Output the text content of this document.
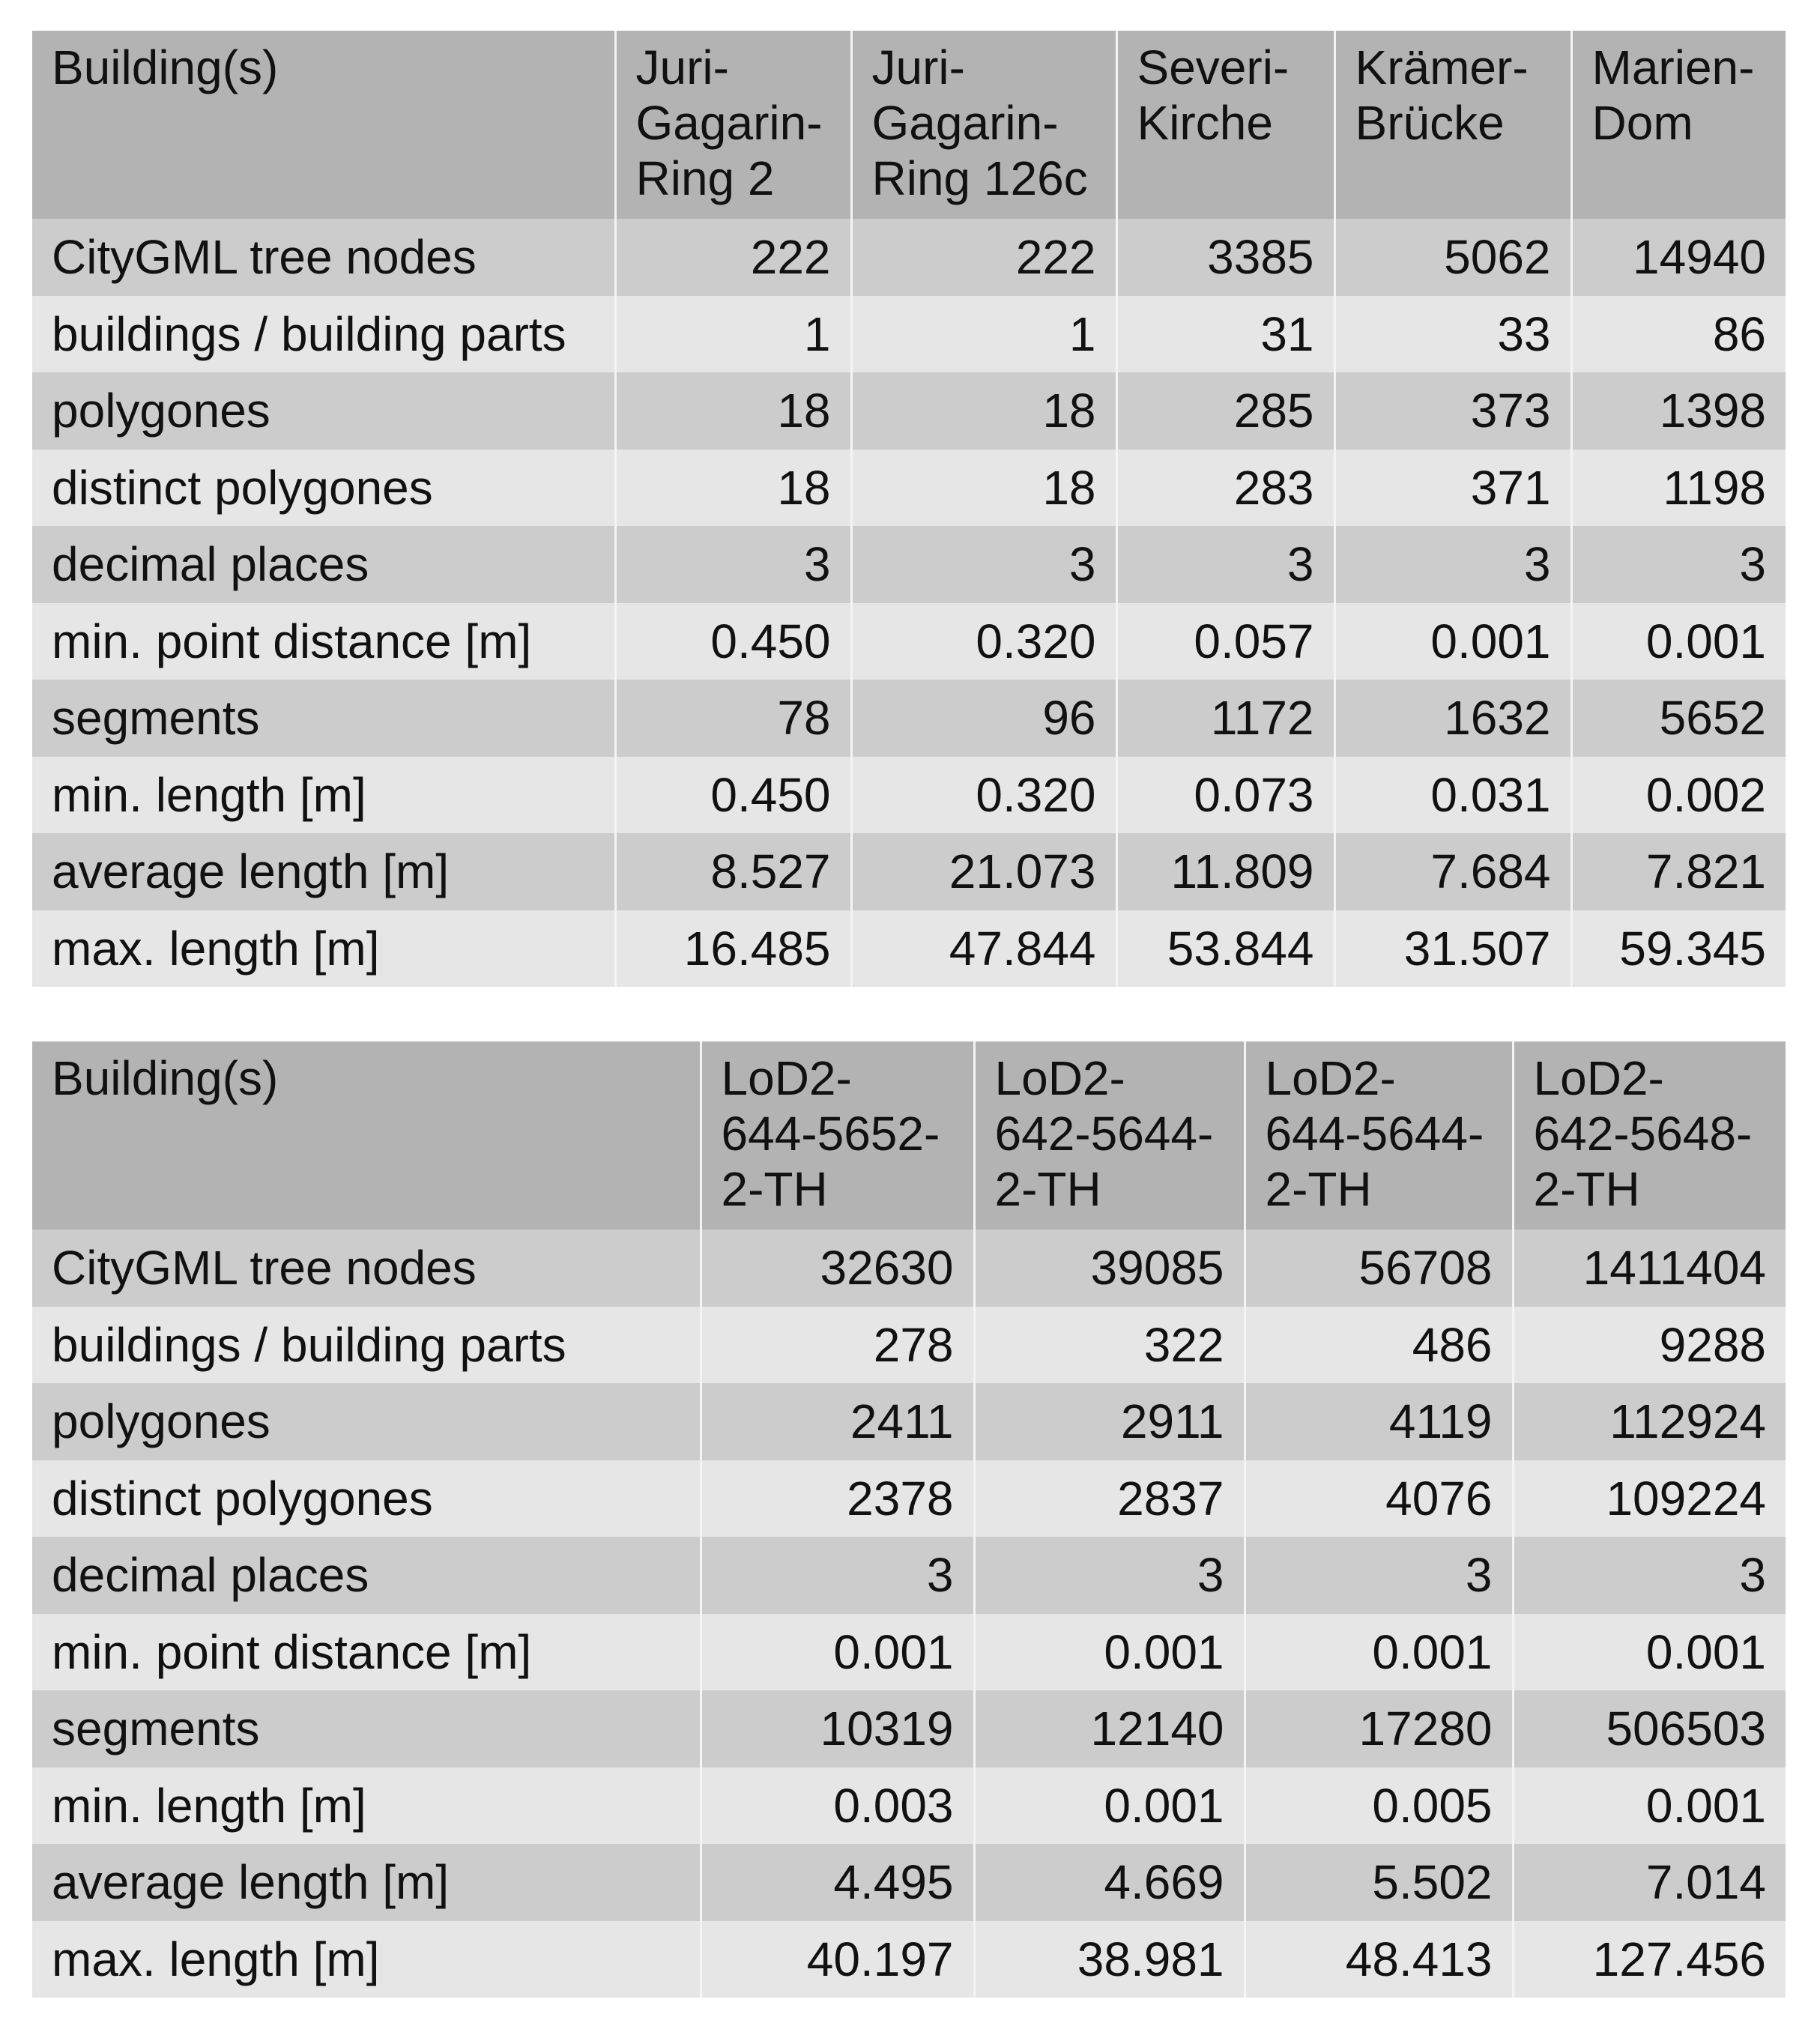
Building(s)	Juri-
Gagarin-
Ring 2	Juri-
Gagarin-
Ring 126c	Severi-
Kirche	Krämer-
Brücke	Marien-
Dom
CityGML tree nodes	222	222	3385	5062	14940
buildings / building parts	1	1	31	33	86
polygones	18	18	285	373	1398
distinct polygones	18	18	283	371	1198
decimal places	3	3	3	3	3
min. point distance [m]	0.450	0.320	0.057	0.001	0.001
segments	78	96	1172	1632	5652
min. length [m]	0.450	0.320	0.073	0.031	0.002
average length [m]	8.527	21.073	11.809	7.684	7.821
max. length [m]	16.485	47.844	53.844	31.507	59.345
Building(s)	LoD2-
644-5652-
2-TH	LoD2-
642-5644-
2-TH	LoD2-
644-5644-
2-TH	LoD2-
642-5648-
2-TH
CityGML tree nodes	32630	39085	56708	1411404
buildings / building parts	278	322	486	9288
polygones	2411	2911	4119	112924
distinct polygones	2378	2837	4076	109224
decimal places	3	3	3	3
min. point distance [m]	0.001	0.001	0.001	0.001
segments	10319	12140	17280	506503
min. length [m]	0.003	0.001	0.005	0.001
average length [m]	4.495	4.669	5.502	7.014
max. length [m]	40.197	38.981	48.413	127.456
